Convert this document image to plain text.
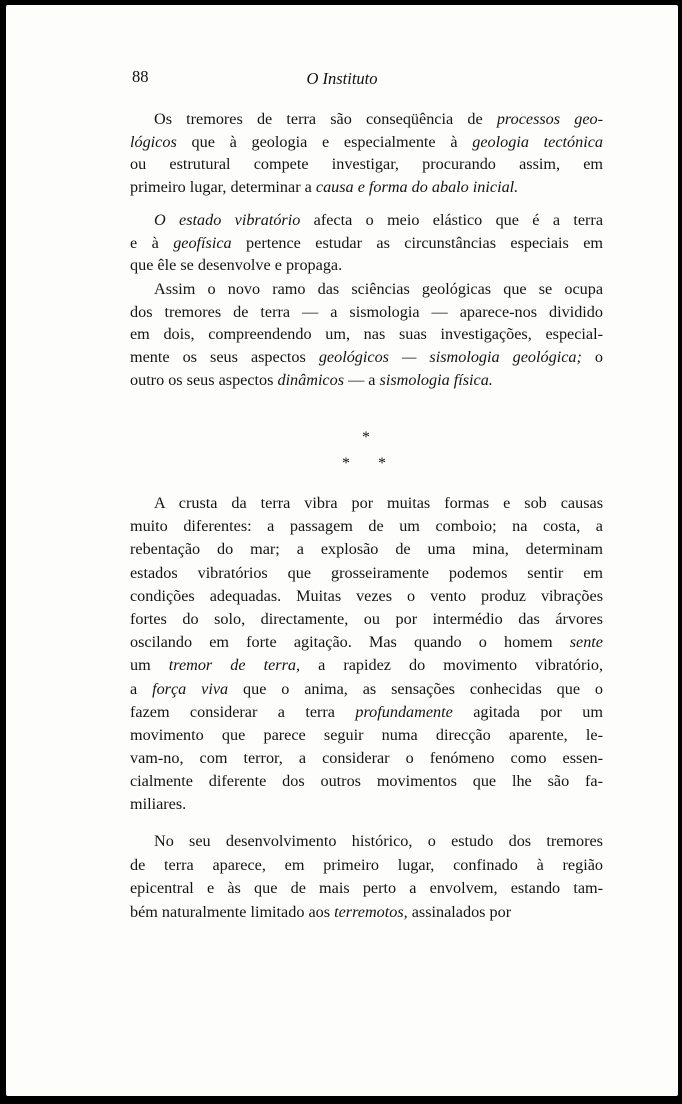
88	O Instituto
Os tremores de terra são conseqüência de processos geo-
lógicos que à geologia e especialmente à geologia tectónica
ou estrutural compete investigar, procurando assim, em
primeiro lugar, determinar a causa e forma do abalo inicial.
O estado vibratório afecta o meio elástico que é a terra
e à geofísica pertence estudar as circunstâncias especiais em
que êle se desenvolve e propaga.
Assim o novo ramo das sciências geológicas que se ocupa
dos tremores de terra — a sismologia — aparece-nos dividido
em dois, compreendendo um, nas suas investigações, especial-
mente os seus aspectos geológicos — sismologia geológica; o
outro os seus aspectos dinâmicos — a sismologia física.
*
* *
A crusta da terra vibra por muitas formas e sob causas
muito diferentes: a passagem de um comboio; na costa, a
rebentação do mar; a explosão de uma mina, determinam
estados vibratórios que grosseiramente podemos sentir em
condições adequadas. Muitas vezes o vento produz vibrações
fortes do solo, directamente, ou por intermédio das árvores
oscilando em forte agitação. Mas quando o homem sente
um tremor de terra, a rapidez do movimento vibratório,
a força viva que o anima, as sensações conhecidas que o
fazem considerar a terra profundamente agitada por um
movimento que parece seguir numa direcção aparente, le-
vam-no, com terror, a considerar o fenómeno como essen-
cialmente diferente dos outros movimentos que lhe são fa-
miliares.
No seu desenvolvimento histórico, o estudo dos tremores
de terra aparece, em primeiro lugar, confinado à região
epicentral e às que de mais perto a envolvem, estando tam-
bém naturalmente limitado aos terremotos, assinalados por
